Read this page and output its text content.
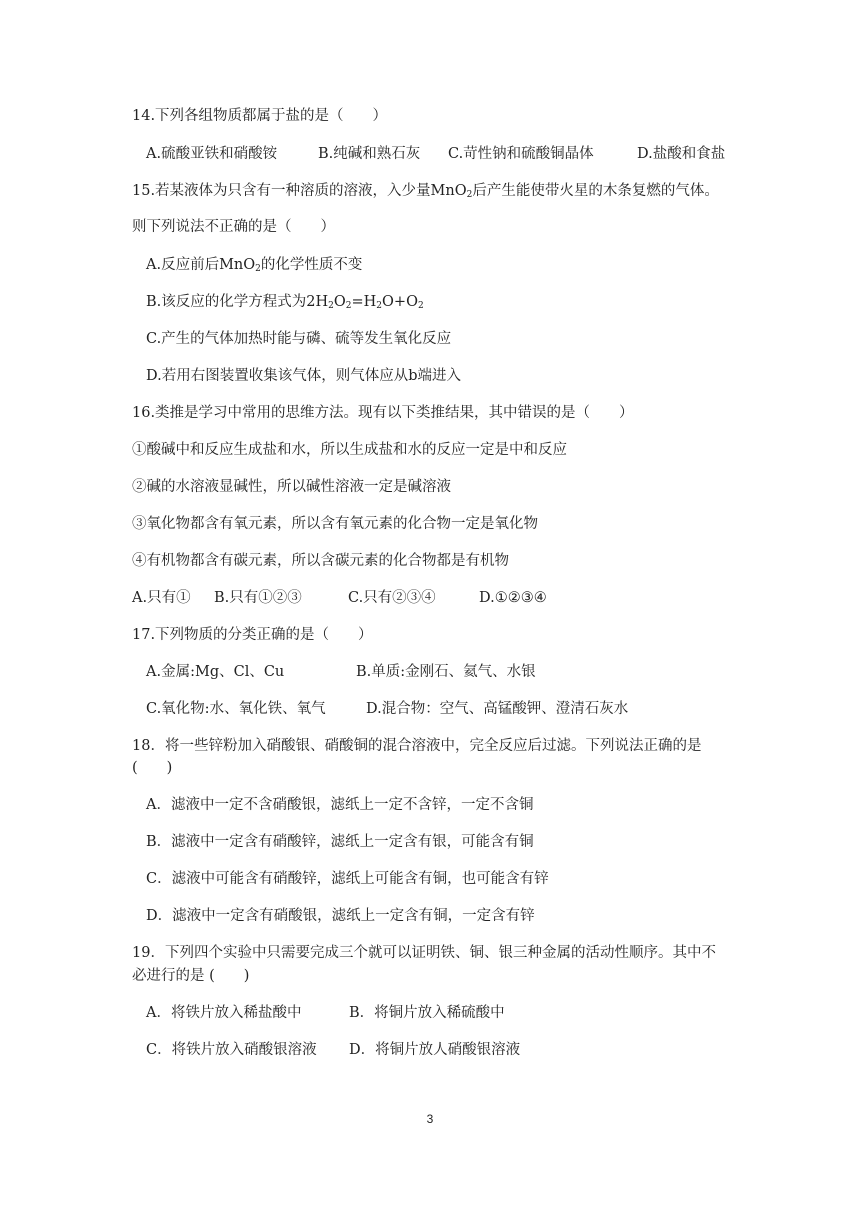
14.下列各组物质都属于盐的是（　　）
A.硫酸亚铁和硝酸铵	B.纯碱和熟石灰 C.苛性钠和硫酸铜晶体	D.盐酸和食盐
15.若某液体为只含有一种溶质的溶液，入少量MnO$_2$后产生能使带火星的木条复燃的气体。
则下列说法不正确的是（　　）
A.反应前后MnO$_2$的化学性质不变
B.该反应的化学方程式为$2H_2O_2=H_2O+O_2$
C.产生的气体加热时能与磷、硫等发生氧化反应
D.若用右图装置收集该气体，则气体应从b端进入
16.类推是学习中常用的思维方法。现有以下类推结果，其中错误的是（　　）
①酸碱中和反应生成盐和水，所以生成盐和水的反应一定是中和反应
②碱的水溶液显碱性，所以碱性溶液一定是碱溶液
③氧化物都含有氧元素，所以含有氧元素的化合物一定是氧化物
④有机物都含有碳元素，所以含碳元素的化合物都是有机物
A.只有① B.只有①②③	C.只有②③④	D.①②③④
17.下列物质的分类正确的是（　　）
A.金属:Mg、Cl、Cu	B.单质:金刚石、氦气、水银
C.氧化物:水、氧化铁、氧气	D.混合物：空气、高锰酸钾、澄清石灰水
18．将一些锌粉加入硝酸银、硝酸铜的混合溶液中，完全反应后过滤。下列说法正确的是
(　　)
A．滤液中一定不含硝酸银，滤纸上一定不含锌，一定不含铜
B．滤液中一定含有硝酸锌，滤纸上一定含有银，可能含有铜
C．滤液中可能含有硝酸锌，滤纸上可能含有铜，也可能含有锌
D．滤液中一定含有硝酸银，滤纸上一定含有铜，一定含有锌
19．下列四个实验中只需要完成三个就可以证明铁、铜、银三种金属的活动性顺序。其中不
必进行的是 (　　)
A．将铁片放入稀盐酸中	B．将铜片放入稀硫酸中
C．将铁片放入硝酸银溶液 D．将铜片放人硝酸银溶液
3
